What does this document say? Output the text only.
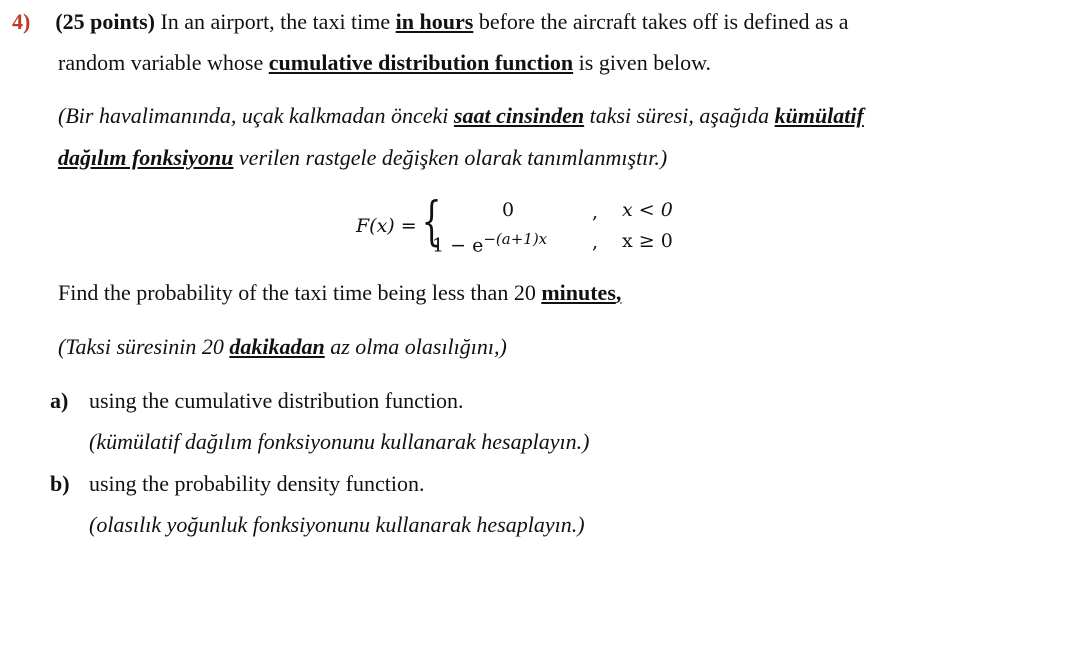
4) (25 points) In an airport, the taxi time in hours before the aircraft takes off is defined as a
random variable whose cumulative distribution function is given below.
(Bir havalimanında, uçak kalkmadan önceki saat cinsinden taksi süresi, aşağıda kümülatif
dağılım fonksiyonu verilen rastgele değişken olarak tanımlanmıştır.)
F(x) = {	0
$1 - e^{-(a+1)x}$
,
,
x < 0
x ≥ 0
Find the probability of the taxi time being less than 20 minutes,
(Taksi süresinin 20 dakikadan az olma olasılığını,)
a) using the cumulative distribution function.
(kümülatif dağılım fonksiyonunu kullanarak hesaplayın.)
b) using the probability density function.
(olasılık yoğunluk fonksiyonunu kullanarak hesaplayın.)
